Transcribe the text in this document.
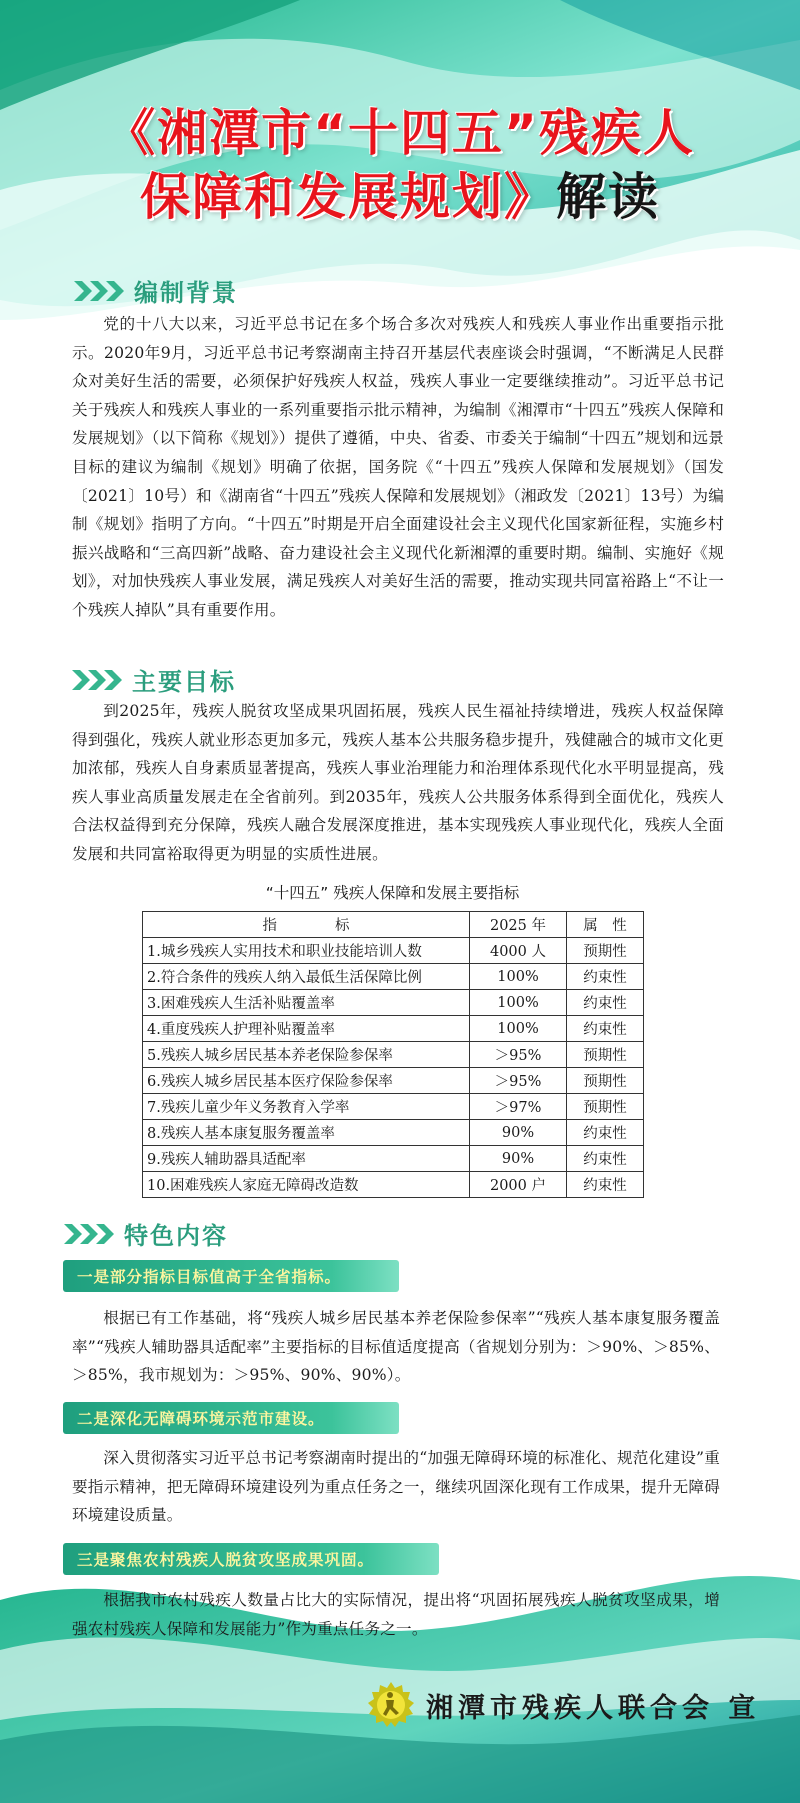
《湘潭市“十四五”残疾人
保障和发展规划》解读
编制背景

党的十八大以来，习近平总书记在多个场合多次对残疾人和残疾人事业作出重要指示批示。2020年9月，习近平总书记考察湖南主持召开基层代表座谈会时强调，“不断满足人民群众对美好生活的需要，必须保护好残疾人权益，残疾人事业一定要继续推动”。习近平总书记关于残疾人和残疾人事业的一系列重要指示批示精神，为编制《湘潭市“十四五”残疾人保障和发展规划》（以下简称《规划》）提供了遵循，中央、省委、市委关于编制“十四五”规划和远景目标的建议为编制《规划》明确了依据，国务院《“十四五”残疾人保障和发展规划》（国发〔2021〕10号）和《湖南省“十四五”残疾人保障和发展规划》（湘政发〔2021〕13号）为编制《规划》指明了方向。“十四五”时期是开启全面建设社会主义现代化国家新征程，实施乡村振兴战略和“三高四新”战略、奋力建设社会主义现代化新湘潭的重要时期。编制、实施好《规划》，对加快残疾人事业发展，满足残疾人对美好生活的需要，推动实现共同富裕路上“不让一个残疾人掉队”具有重要作用。

主要目标

到2025年，残疾人脱贫攻坚成果巩固拓展，残疾人民生福祉持续增进，残疾人权益保障得到强化，残疾人就业形态更加多元，残疾人基本公共服务稳步提升，残健融合的城市文化更加浓郁，残疾人自身素质显著提高，残疾人事业治理能力和治理体系现代化水平明显提高，残疾人事业高质量发展走在全省前列。到2035年，残疾人公共服务体系得到全面优化，残疾人合法权益得到充分保障，残疾人融合发展深度推进，基本实现残疾人事业现代化，残疾人全面发展和共同富裕取得更为明显的实质性进展。

“十四五” 残疾人保障和发展主要指标
指　　　　标	2025 年	属　性
1.城乡残疾人实用技术和职业技能培训人数	4000 人	预期性
2.符合条件的残疾人纳入最低生活保障比例	100%	约束性
3.困难残疾人生活补贴覆盖率	100%	约束性
4.重度残疾人护理补贴覆盖率	100%	约束性
5.残疾人城乡居民基本养老保险参保率	＞95%	预期性
6.残疾人城乡居民基本医疗保险参保率	＞95%	预期性
7.残疾儿童少年义务教育入学率	＞97%	预期性
8.残疾人基本康复服务覆盖率	90%	约束性
9.残疾人辅助器具适配率	90%	约束性
10.困难残疾人家庭无障碍改造数	2000 户	约束性
特色内容
一是部分指标目标值高于全省指标。

根据已有工作基础，将“残疾人城乡居民基本养老保险参保率”“残疾人基本康复服务覆盖率”“残疾人辅助器具适配率”主要指标的目标值适度提高（省规划分别为：＞90%、＞85%、＞85%，我市规划为：＞95%、90%、90%）。

二是深化无障碍环境示范市建设。

深入贯彻落实习近平总书记考察湖南时提出的“加强无障碍环境的标准化、规范化建设”重要指示精神，把无障碍环境建设列为重点任务之一，继续巩固深化现有工作成果，提升无障碍环境建设质量。

三是聚焦农村残疾人脱贫攻坚成果巩固。

根据我市农村残疾人数量占比大的实际情况，提出将“巩固拓展残疾人脱贫攻坚成果，增强农村残疾人保障和发展能力”作为重点任务之一。

湘潭市残疾人联合会 宣
